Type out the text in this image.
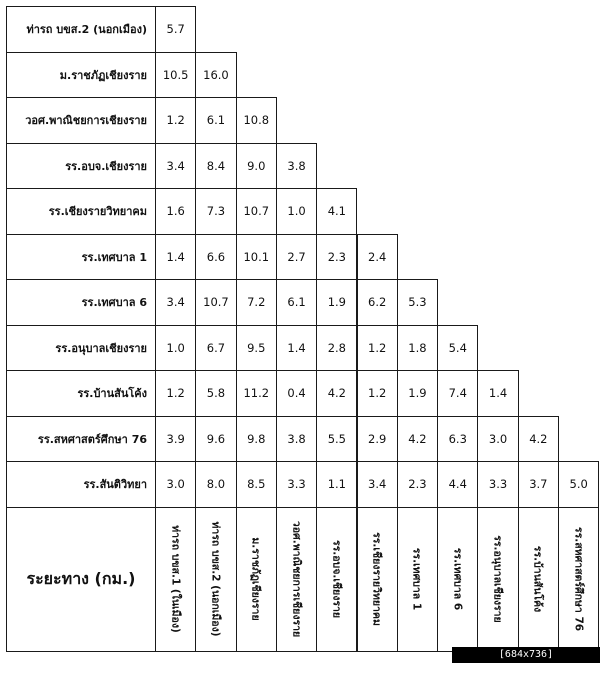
ท่ารถ บขส.2 (นอกเมือง)	5.7
ม.ราชภัฏเชียงราย	10.5	16.0
วอศ.พาณิชยการเชียงราย	1.2	6.1	10.8
รร.อบจ.เชียงราย	3.4	8.4	9.0	3.8
รร.เชียงรายวิทยาคม	1.6	7.3	10.7	1.0	4.1
รร.เทศบาล 1	1.4	6.6	10.1	2.7	2.3	2.4
รร.เทศบาล 6	3.4	10.7	7.2	6.1	1.9	6.2	5.3
รร.อนุบาลเชียงราย	1.0	6.7	9.5	1.4	2.8	1.2	1.8	5.4
รร.บ้านสันโค้ง	1.2	5.8	11.2	0.4	4.2	1.2	1.9	7.4	1.4
รร.สหศาสตร์ศึกษา 76	3.9	9.6	9.8	3.8	5.5	2.9	4.2	6.3	3.0	4.2
รร.สันติวิทยา	3.0	8.0	8.5	3.3	1.1	3.4	2.3	4.4	3.3	3.7	5.0
ระยะทาง (กม.)	ท่ารถ บขส.1 (ในเมือง)	ท่ารถ บขส.2 (นอกเมือง)	ม.ราชภัฏเชียงราย	วอศ.พาณิชยการเชียงราย	รร.อบจ.เชียงราย	รร.เชียงรายวิทยาคม	รร.เทศบาล 1	รร.เทศบาล 6	รร.อนุบาลเชียงราย	รร.บ้านสันโค้ง	รร.สหศาสตร์ศึกษา 76
[684x736] http://upic.me/
